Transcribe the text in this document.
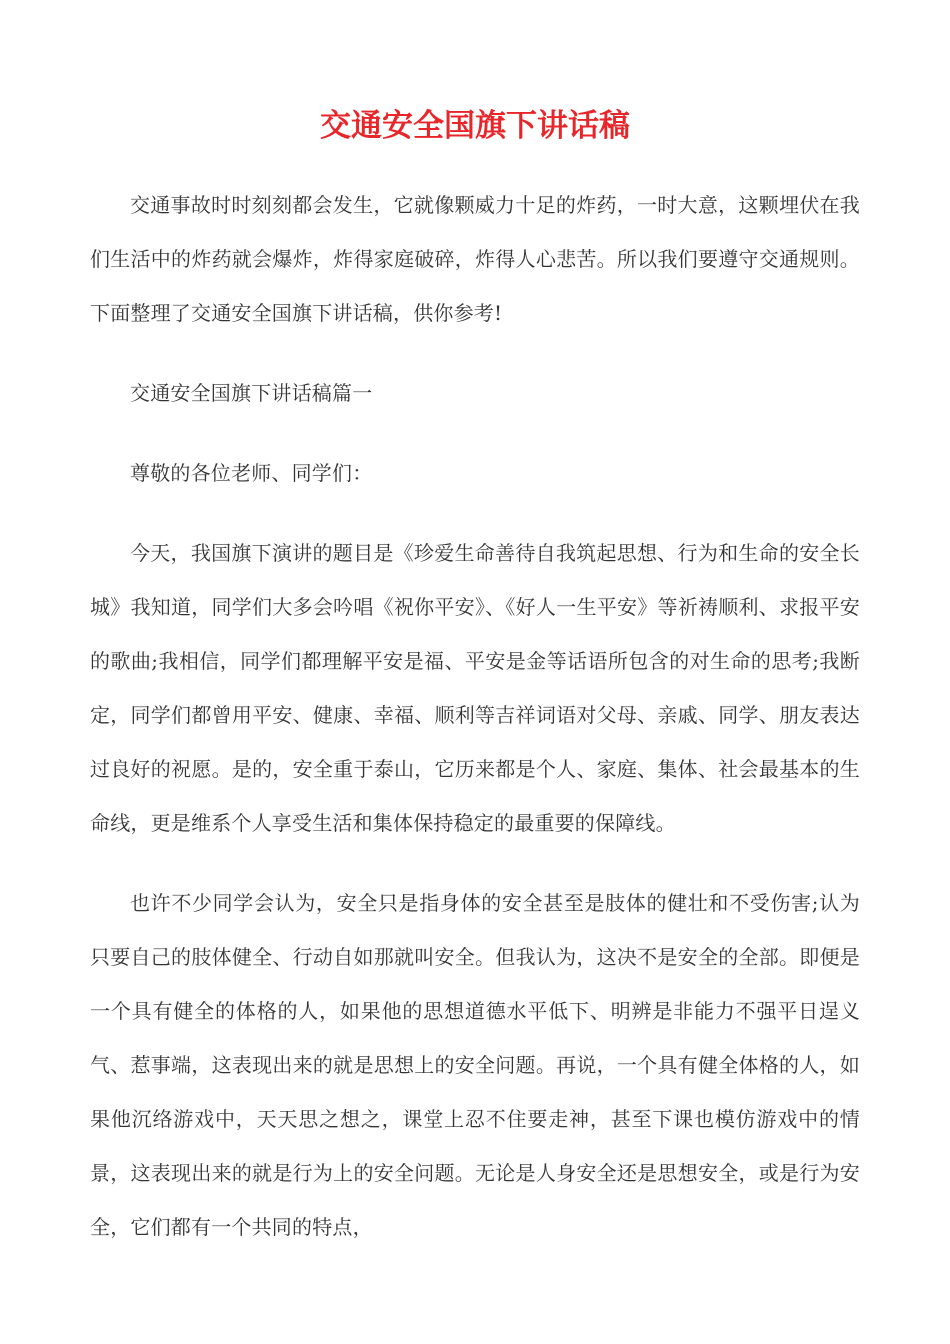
交通安全国旗下讲话稿

交通事故时时刻刻都会发生，它就像颗威力十足的炸药，一时大意，这颗埋伏在我们生活中的炸药就会爆炸，炸得家庭破碎，炸得人心悲苦。所以我们要遵守交通规则。下面整理了交通安全国旗下讲话稿，供你参考!

交通安全国旗下讲话稿篇一

尊敬的各位老师、同学们：

今天，我国旗下演讲的题目是《珍爱生命善待自我筑起思想、行为和生命的安全长城》我知道，同学们大多会吟唱《祝你平安》、《好人一生平安》等祈祷顺利、求报平安的歌曲;我相信，同学们都理解平安是福、平安是金等话语所包含的对生命的思考;我断定，同学们都曾用平安、健康、幸福、顺利等吉祥词语对父母、亲戚、同学、朋友表达过良好的祝愿。是的，安全重于泰山，它历来都是个人、家庭、集体、社会最基本的生命线，更是维系个人享受生活和集体保持稳定的最重要的保障线。

也许不少同学会认为，安全只是指身体的安全甚至是肢体的健壮和不受伤害;认为只要自己的肢体健全、行动自如那就叫安全。但我认为，这决不是安全的全部。即便是一个具有健全的体格的人，如果他的思想道德水平低下、明辨是非能力不强平日逞义气、惹事端，这表现出来的就是思想上的安全问题。再说，一个具有健全体格的人，如果他沉络游戏中，天天思之想之，课堂上忍不住要走神，甚至下课也模仿游戏中的情景，这表现出来的就是行为上的安全问题。无论是人身安全还是思想安全，或是行为安全，它们都有一个共同的特点，
